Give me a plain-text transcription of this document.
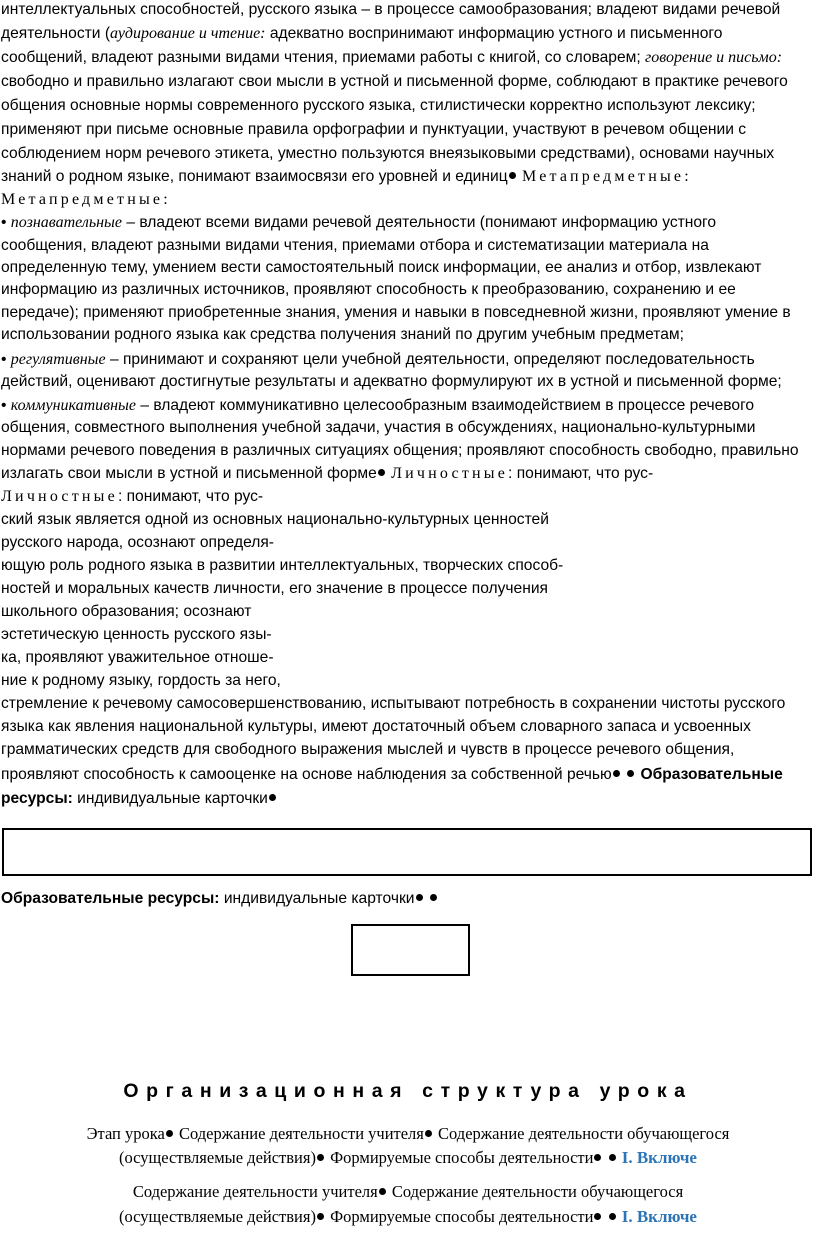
интеллектуальных способностей, русского языка – в процессе самообразования; владеют видами речевой
деятельности (аудирование и чтение: адекватно воспринимают информацию устного и письменного
сообщений, владеют разными видами чтения, приемами работы с книгой, со словарем; говорение и письмо:
свободно и правильно излагают свои мысли в устной и письменной форме, соблюдают в практике речевого
общения основные нормы современного русского языка, стилистически корректно используют лексику;
применяют при письме основные правила орфографии и пунктуации, участвуют в речевом общении с
соблюдением норм речевого этикета, уместно пользуются внеязыковыми средствами), основами научных
знаний о родном языке, понимают взаимосвязи его уровней и единиц Метапредметные:
Метапредметные:
• познавательные – владеют всеми видами речевой деятельности (понимают информацию устного
сообщения, владеют разными видами чтения, приемами отбора и систематизации материала на
определенную тему, умением вести самостоятельный поиск информации, ее анализ и отбор, извлекают
информацию из различных источников, проявляют способность к преобразованию, сохранению и ее
передаче); применяют приобретенные знания, умения и навыки в повседневной жизни, проявляют умение в
использовании родного языка как средства получения знаний по другим учебным предметам;
• регулятивные – принимают и сохраняют цели учебной деятельности, определяют последовательность
действий, оценивают достигнутые результаты и адекватно формулируют их в устной и письменной форме;
• коммуникативные – владеют коммуникативно целесообразным взаимодействием в процессе речевого
общения, совместного выполнения учебной задачи, участия в обсуждениях, национально-культурными
нормами речевого поведения в различных ситуациях общения; проявляют способность свободно, правильно
излагать свои мысли в устной и письменной форме Личностные: понимают, что рус-
Личностные: понимают, что рус-
ский язык является одной из основных национально-культурных ценностей
русского народа, осознают определя-
ющую роль родного языка в развитии интеллектуальных, творческих способ-
ностей и моральных качеств личности, его значение в процессе получения
школьного образования; осознают
эстетическую ценность русского язы-
ка, проявляют уважительное отноше-
ние к родному языку, гордость за него,
стремление к речевому самосовершенствованию, испытывают потребность в сохранении чистоты русского
языка как явления национальной культуры, имеют достаточный объем словарного запаса и усвоенных
грамматических средств для свободного выражения мыслей и чувств в процессе речевого общения,
проявляют способность к самооценке на основе наблюдения за собственной речью Образовательные
ресурсы: индивидуальные карточки
Образовательные ресурсы: индивидуальные карточки
Организационная структура урока
Этап урока Содержание деятельности учителя Содержание деятельности обучающегося
(осуществляемые действия) Формируемые способы деятельности I. Включе
Содержание деятельности учителя Содержание деятельности обучающегося
(осуществляемые действия) Формируемые способы деятельности I. Включе
